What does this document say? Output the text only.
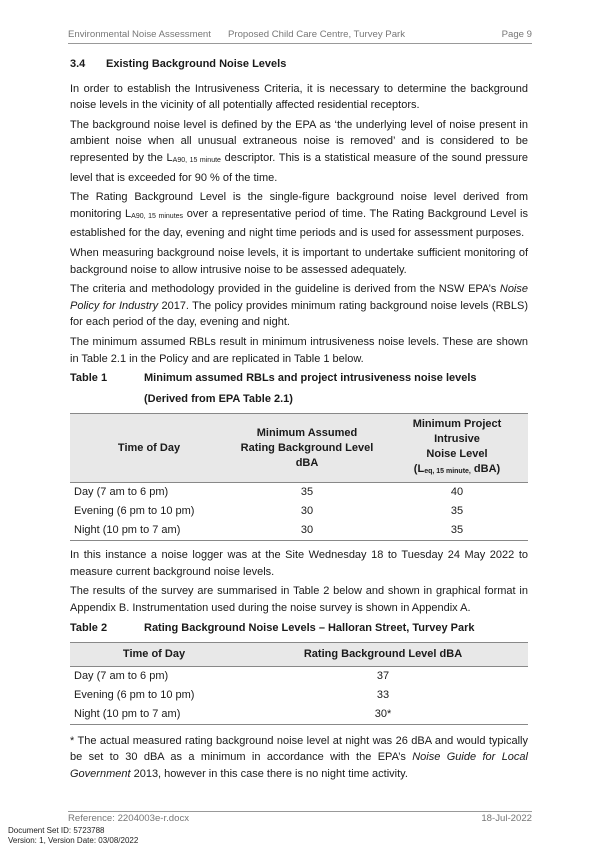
Environmental Noise Assessment Proposed Child Care Centre, Turvey Park	Page 9
3.4 Existing Background Noise Levels

In order to establish the Intrusiveness Criteria, it is necessary to determine the background noise levels in the vicinity of all potentially affected residential receptors.

The background noise level is defined by the EPA as ‘the underlying level of noise present in ambient noise when all unusual extraneous noise is removed’ and is considered to be represented by the $L_{A90, 15 minute}$ descriptor. This is a statistical measure of the sound pressure level that is exceeded for 90 % of the time.

The Rating Background Level is the single-figure background noise level derived from monitoring $L_{A90, 15 minutes}$ over a representative period of time. The Rating Background Level is established for the day, evening and night time periods and is used for assessment purposes.

When measuring background noise levels, it is important to undertake sufficient monitoring of background noise to allow intrusive noise to be assessed adequately.

The criteria and methodology provided in the guideline is derived from the NSW EPA’s Noise Policy for Industry 2017. The policy provides minimum rating background noise levels (RBLS) for each period of the day, evening and night.

The minimum assumed RBLs result in minimum intrusiveness noise levels. These are shown in Table 2.1 in the Policy and are replicated in Table 1 below.

Table 1	Minimum assumed RBLs and project intrusiveness noise levels
(Derived from EPA Table 2.1)
Time of Day	Minimum Assumed
Rating Background Level
dBA	Minimum Project Intrusive
Noise Level
($L_{eq, 15 minute,}$ dBA)
Day (7 am to 6 pm)	35	40
Evening (6 pm to 10 pm)	30	35
Night (10 pm to 7 am)	30	35

In this instance a noise logger was at the Site Wednesday 18 to Tuesday 24 May 2022 to measure current background noise levels.

The results of the survey are summarised in Table 2 below and shown in graphical format in Appendix B. Instrumentation used during the noise survey is shown in Appendix A.

Table 2	Rating Background Noise Levels – Halloran Street, Turvey Park
Time of Day	Rating Background Level dBA
Day (7 am to 6 pm)	37
Evening (6 pm to 10 pm)	33
Night (10 pm to 7 am)	30*

* The actual measured rating background noise level at night was 26 dBA and would typically be set to 30 dBA as a minimum in accordance with the EPA’s Noise Guide for Local Government 2013, however in this case there is no night time activity.

Reference: 2204003e-r.docx	18-Jul-2022
Document Set ID: 5723788
Version: 1, Version Date: 03/08/2022
